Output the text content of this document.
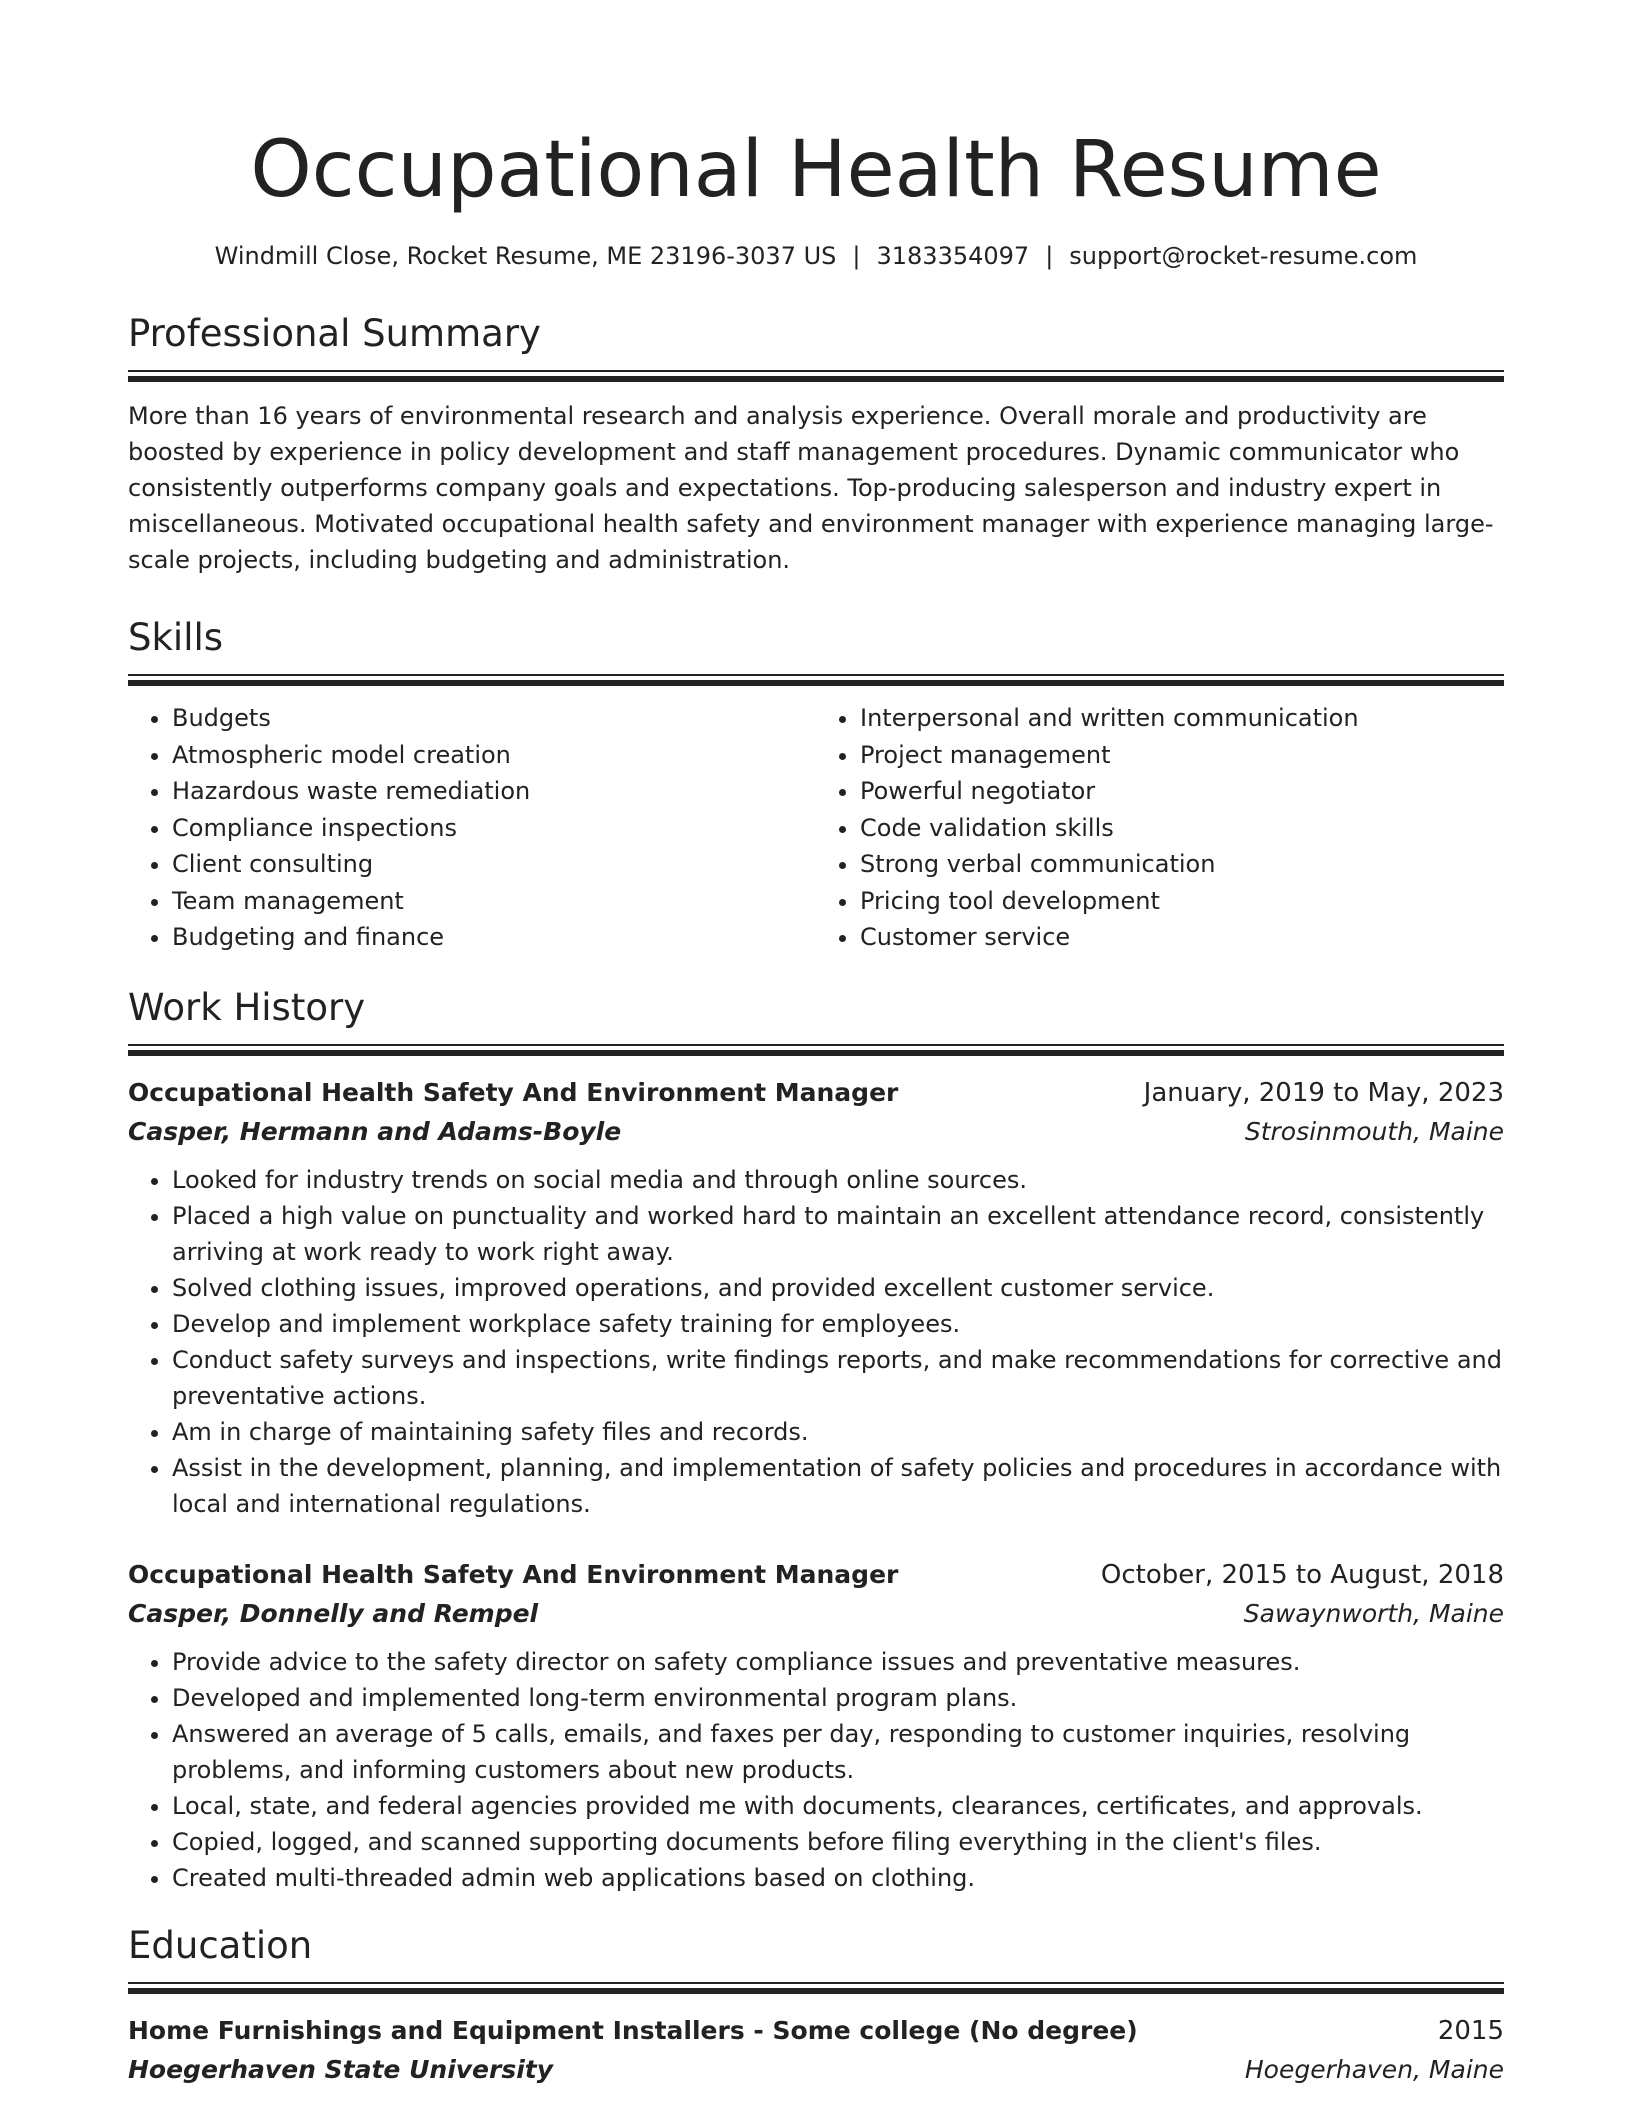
Occupational Health Resume
Windmill Close, Rocket Resume, ME 23196-3037 US | 3183354097 | support@rocket-resume.com
Professional Summary

More than 16 years of environmental research and analysis experience. Overall morale and productivity are boosted by experience in policy development and staff management procedures. Dynamic communicator who consistently outperforms company goals and expectations. Top-producing salesperson and industry expert in miscellaneous. Motivated occupational health safety and environment manager with experience managing large-scale projects, including budgeting and administration.

Skills
• Budgets
• Atmospheric model creation
• Hazardous waste remediation
• Compliance inspections
• Client consulting
• Team management
• Budgeting and finance
• Interpersonal and written communication
• Project management
• Powerful negotiator
• Code validation skills
• Strong verbal communication
• Pricing tool development
• Customer service
Work History
Occupational Health Safety And Environment Manager	January, 2019 to May, 2023
Casper, Hermann and Adams-Boyle	Strosinmouth, Maine
• Looked for industry trends on social media and through online sources.
• Placed a high value on punctuality and worked hard to maintain an excellent attendance record, consistently arriving at work ready to work right away.
• Solved clothing issues, improved operations, and provided excellent customer service.
• Develop and implement workplace safety training for employees.
• Conduct safety surveys and inspections, write findings reports, and make recommendations for corrective and preventative actions.
• Am in charge of maintaining safety files and records.
• Assist in the development, planning, and implementation of safety policies and procedures in accordance with local and international regulations.
Occupational Health Safety And Environment Manager	October, 2015 to August, 2018
Casper, Donnelly and Rempel	Sawaynworth, Maine
• Provide advice to the safety director on safety compliance issues and preventative measures.
• Developed and implemented long-term environmental program plans.
• Answered an average of 5 calls, emails, and faxes per day, responding to customer inquiries, resolving problems, and informing customers about new products.
• Local, state, and federal agencies provided me with documents, clearances, certificates, and approvals.
• Copied, logged, and scanned supporting documents before filing everything in the client's files.
• Created multi-threaded admin web applications based on clothing.
Education
Home Furnishings and Equipment Installers - Some college (No degree)	2015
Hoegerhaven State University	Hoegerhaven, Maine
